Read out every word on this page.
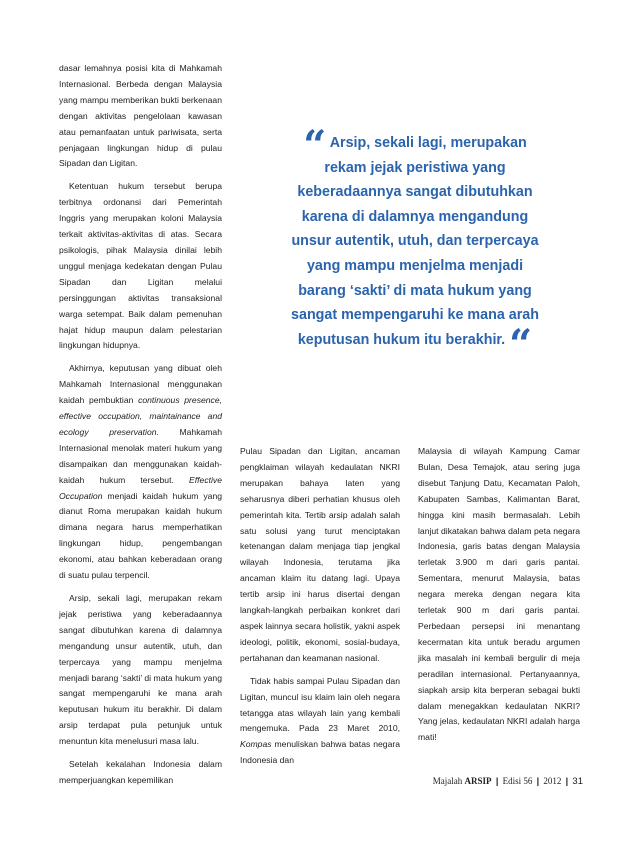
dasar lemahnya posisi kita di Mahkamah Internasional. Berbeda dengan Malaysia yang mampu memberikan bukti berkenaan dengan aktivitas pengelolaan kawasan atau pemanfaatan untuk pariwisata, serta penjagaan lingkungan hidup di pulau Sipadan dan Ligitan.

Ketentuan hukum tersebut berupa terbitnya ordonansi dari Pemerintah Inggris yang merupakan koloni Malaysia terkait aktivitas-aktivitas di atas. Secara psikologis, pihak Malaysia dinilai lebih unggul menjaga kedekatan dengan Pulau Sipadan dan Ligitan melalui persinggungan aktivitas transaksional warga setempat. Baik dalam pemenuhan hajat hidup maupun dalam pelestarian lingkungan hidupnya.

Akhirnya, keputusan yang dibuat oleh Mahkamah Internasional menggunakan kaidah pembuktian continuous presence, effective occupation, maintainance and ecology preservation. Mahkamah Internasional menolak materi hukum yang disampaikan dan menggunakan kaidah-kaidah hukum tersebut. Effective Occupation menjadi kaidah hukum yang dianut Roma merupakan kaidah hukum dimana negara harus memperhatikan lingkungan hidup, pengembangan ekonomi, atau bahkan keberadaan orang di suatu pulau terpencil.

Arsip, sekali lagi, merupakan rekam jejak peristiwa yang keberadaannya sangat dibutuhkan karena di dalamnya mengandung unsur autentik, utuh, dan terpercaya yang mampu menjelma menjadi barang ‘sakti’ di mata hukum yang sangat mempengaruhi ke mana arah keputusan hukum itu berakhir. Di dalam arsip terdapat pula petunjuk untuk menuntun kita menelusuri masa lalu.

Setelah kekalahan Indonesia dalam memperjuangkan kepemilikan

“ Arsip, sekali lagi, merupakan rekam jejak peristiwa yang keberadaannya sangat dibutuhkan karena di dalamnya mengandung unsur autentik, utuh, dan terpercaya yang mampu menjelma menjadi barang ‘sakti’ di mata hukum yang sangat mempengaruhi ke mana arah keputusan hukum itu berakhir. “

Pulau Sipadan dan Ligitan, ancaman pengklaiman wilayah kedaulatan NKRI merupakan bahaya laten yang seharusnya diberi perhatian khusus oleh pemerintah kita. Tertib arsip adalah salah satu solusi yang turut menciptakan ketenangan dalam menjaga tiap jengkal wilayah Indonesia, terutama jika ancaman klaim itu datang lagi. Upaya tertib arsip ini harus disertai dengan langkah-langkah perbaikan konkret dari aspek lainnya secara holistik, yakni aspek ideologi, politik, ekonomi, sosial-budaya, pertahanan dan keamanan nasional.

Tidak habis sampai Pulau Sipadan dan Ligitan, muncul isu klaim lain oleh negara tetangga atas wilayah lain yang kembali mengemuka. Pada 23 Maret 2010, Kompas menuliskan bahwa batas negara Indonesia dan

Malaysia di wilayah Kampung Camar Bulan, Desa Temajok, atau sering juga disebut Tanjung Datu, Kecamatan Paloh, Kabupaten Sambas, Kalimantan Barat, hingga kini masih bermasalah. Lebih lanjut dikatakan bahwa dalam peta negara Indonesia, garis batas dengan Malaysia terletak 3.900 m dari garis pantai. Sementara, menurut Malaysia, batas negara mereka dengan negara kita terletak 900 m dari garis pantai. Perbedaan persepsi ini menantang kecermatan kita untuk beradu argumen jika masalah ini kembali bergulir di meja peradilan internasional. Pertanyaannya, siapkah arsip kita berperan sebagai bukti dalam menegakkan kedaulatan NKRI? Yang jelas, kedaulatan NKRI adalah harga mati!

Majalah ARSIP | Edisi 56 | 2012 | 31
